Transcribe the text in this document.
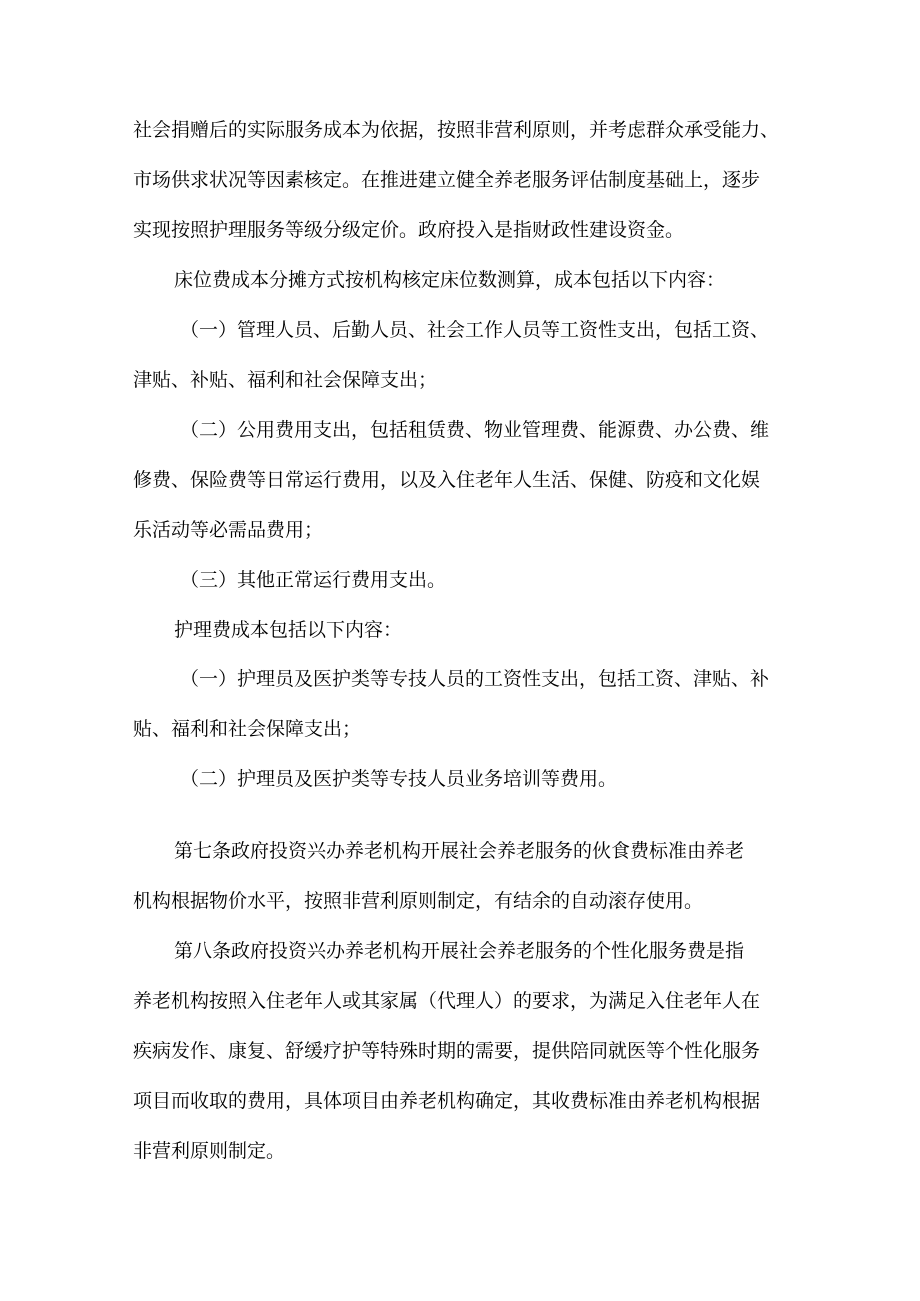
社会捐赠后的实际服务成本为依据，按照非营利原则，并考虑群众承受能力、

市场供求状况等因素核定。在推进建立健全养老服务评估制度基础上，逐步

实现按照护理服务等级分级定价。政府投入是指财政性建设资金。

床位费成本分摊方式按机构核定床位数测算，成本包括以下内容：

（一）管理人员、后勤人员、社会工作人员等工资性支出，包括工资、

津贴、补贴、福利和社会保障支出；

（二）公用费用支出，包括租赁费、物业管理费、能源费、办公费、维

修费、保险费等日常运行费用，以及入住老年人生活、保健、防疫和文化娱

乐活动等必需品费用；

（三）其他正常运行费用支出。

护理费成本包括以下内容：

（一）护理员及医护类等专技人员的工资性支出，包括工资、津贴、补

贴、福利和社会保障支出；

（二）护理员及医护类等专技人员业务培训等费用。

第七条政府投资兴办养老机构开展社会养老服务的伙食费标准由养老

机构根据物价水平，按照非营利原则制定，有结余的自动滚存使用。

第八条政府投资兴办养老机构开展社会养老服务的个性化服务费是指

养老机构按照入住老年人或其家属（代理人）的要求，为满足入住老年人在

疾病发作、康复、舒缓疗护等特殊时期的需要，提供陪同就医等个性化服务

项目而收取的费用，具体项目由养老机构确定，其收费标准由养老机构根据

非营利原则制定。
